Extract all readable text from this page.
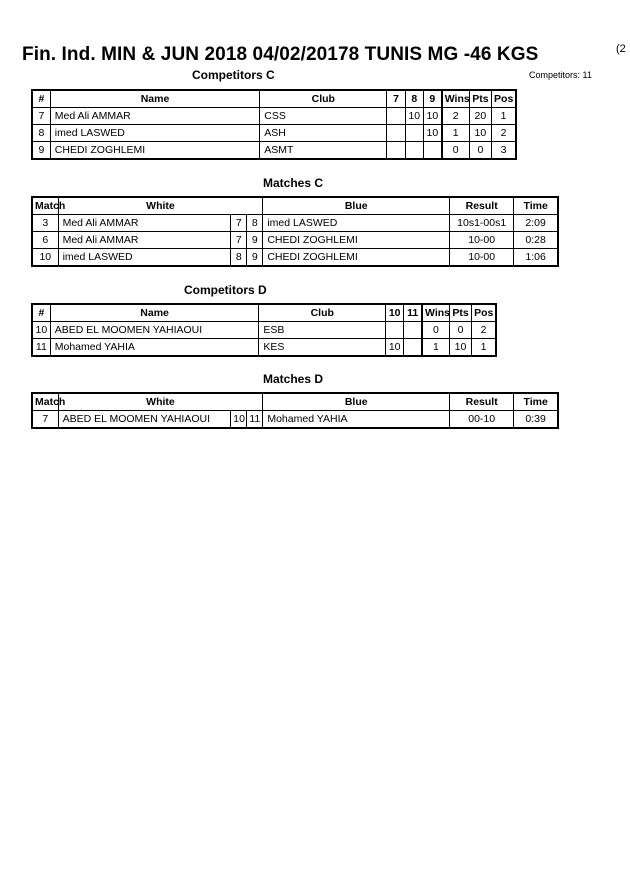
Fin. Ind. MIN & JUN 2018 04/02/20178 TUNIS MG -46 KGS	(2
Competitors C	Competitors: 11
#	Name	Club	7	8	9	Wins	Pts	Pos
7	Med Ali AMMAR	CSS		10	10	2	20	1
8	imed LASWED	ASH			10	1	10	2
9	CHEDI ZOGHLEMI	ASMT				0	0	3
Matches C
Match	White			Blue	Result	Time
3	Med Ali AMMAR	7	8	imed LASWED	10s1-00s1	2:09
6	Med Ali AMMAR	7	9	CHEDI ZOGHLEMI	10-00	0:28
10	imed LASWED	8	9	CHEDI ZOGHLEMI	10-00	1:06
Competitors D
#	Name	Club	10	11	Wins	Pts	Pos
10	ABED EL MOOMEN YAHIAOUI	ESB			0	0	2
11	Mohamed YAHIA	KES	10		1	10	1
Matches D
Match	White			Blue	Result	Time
7	ABED EL MOOMEN YAHIAOUI	10	11	Mohamed YAHIA	00-10	0:39
